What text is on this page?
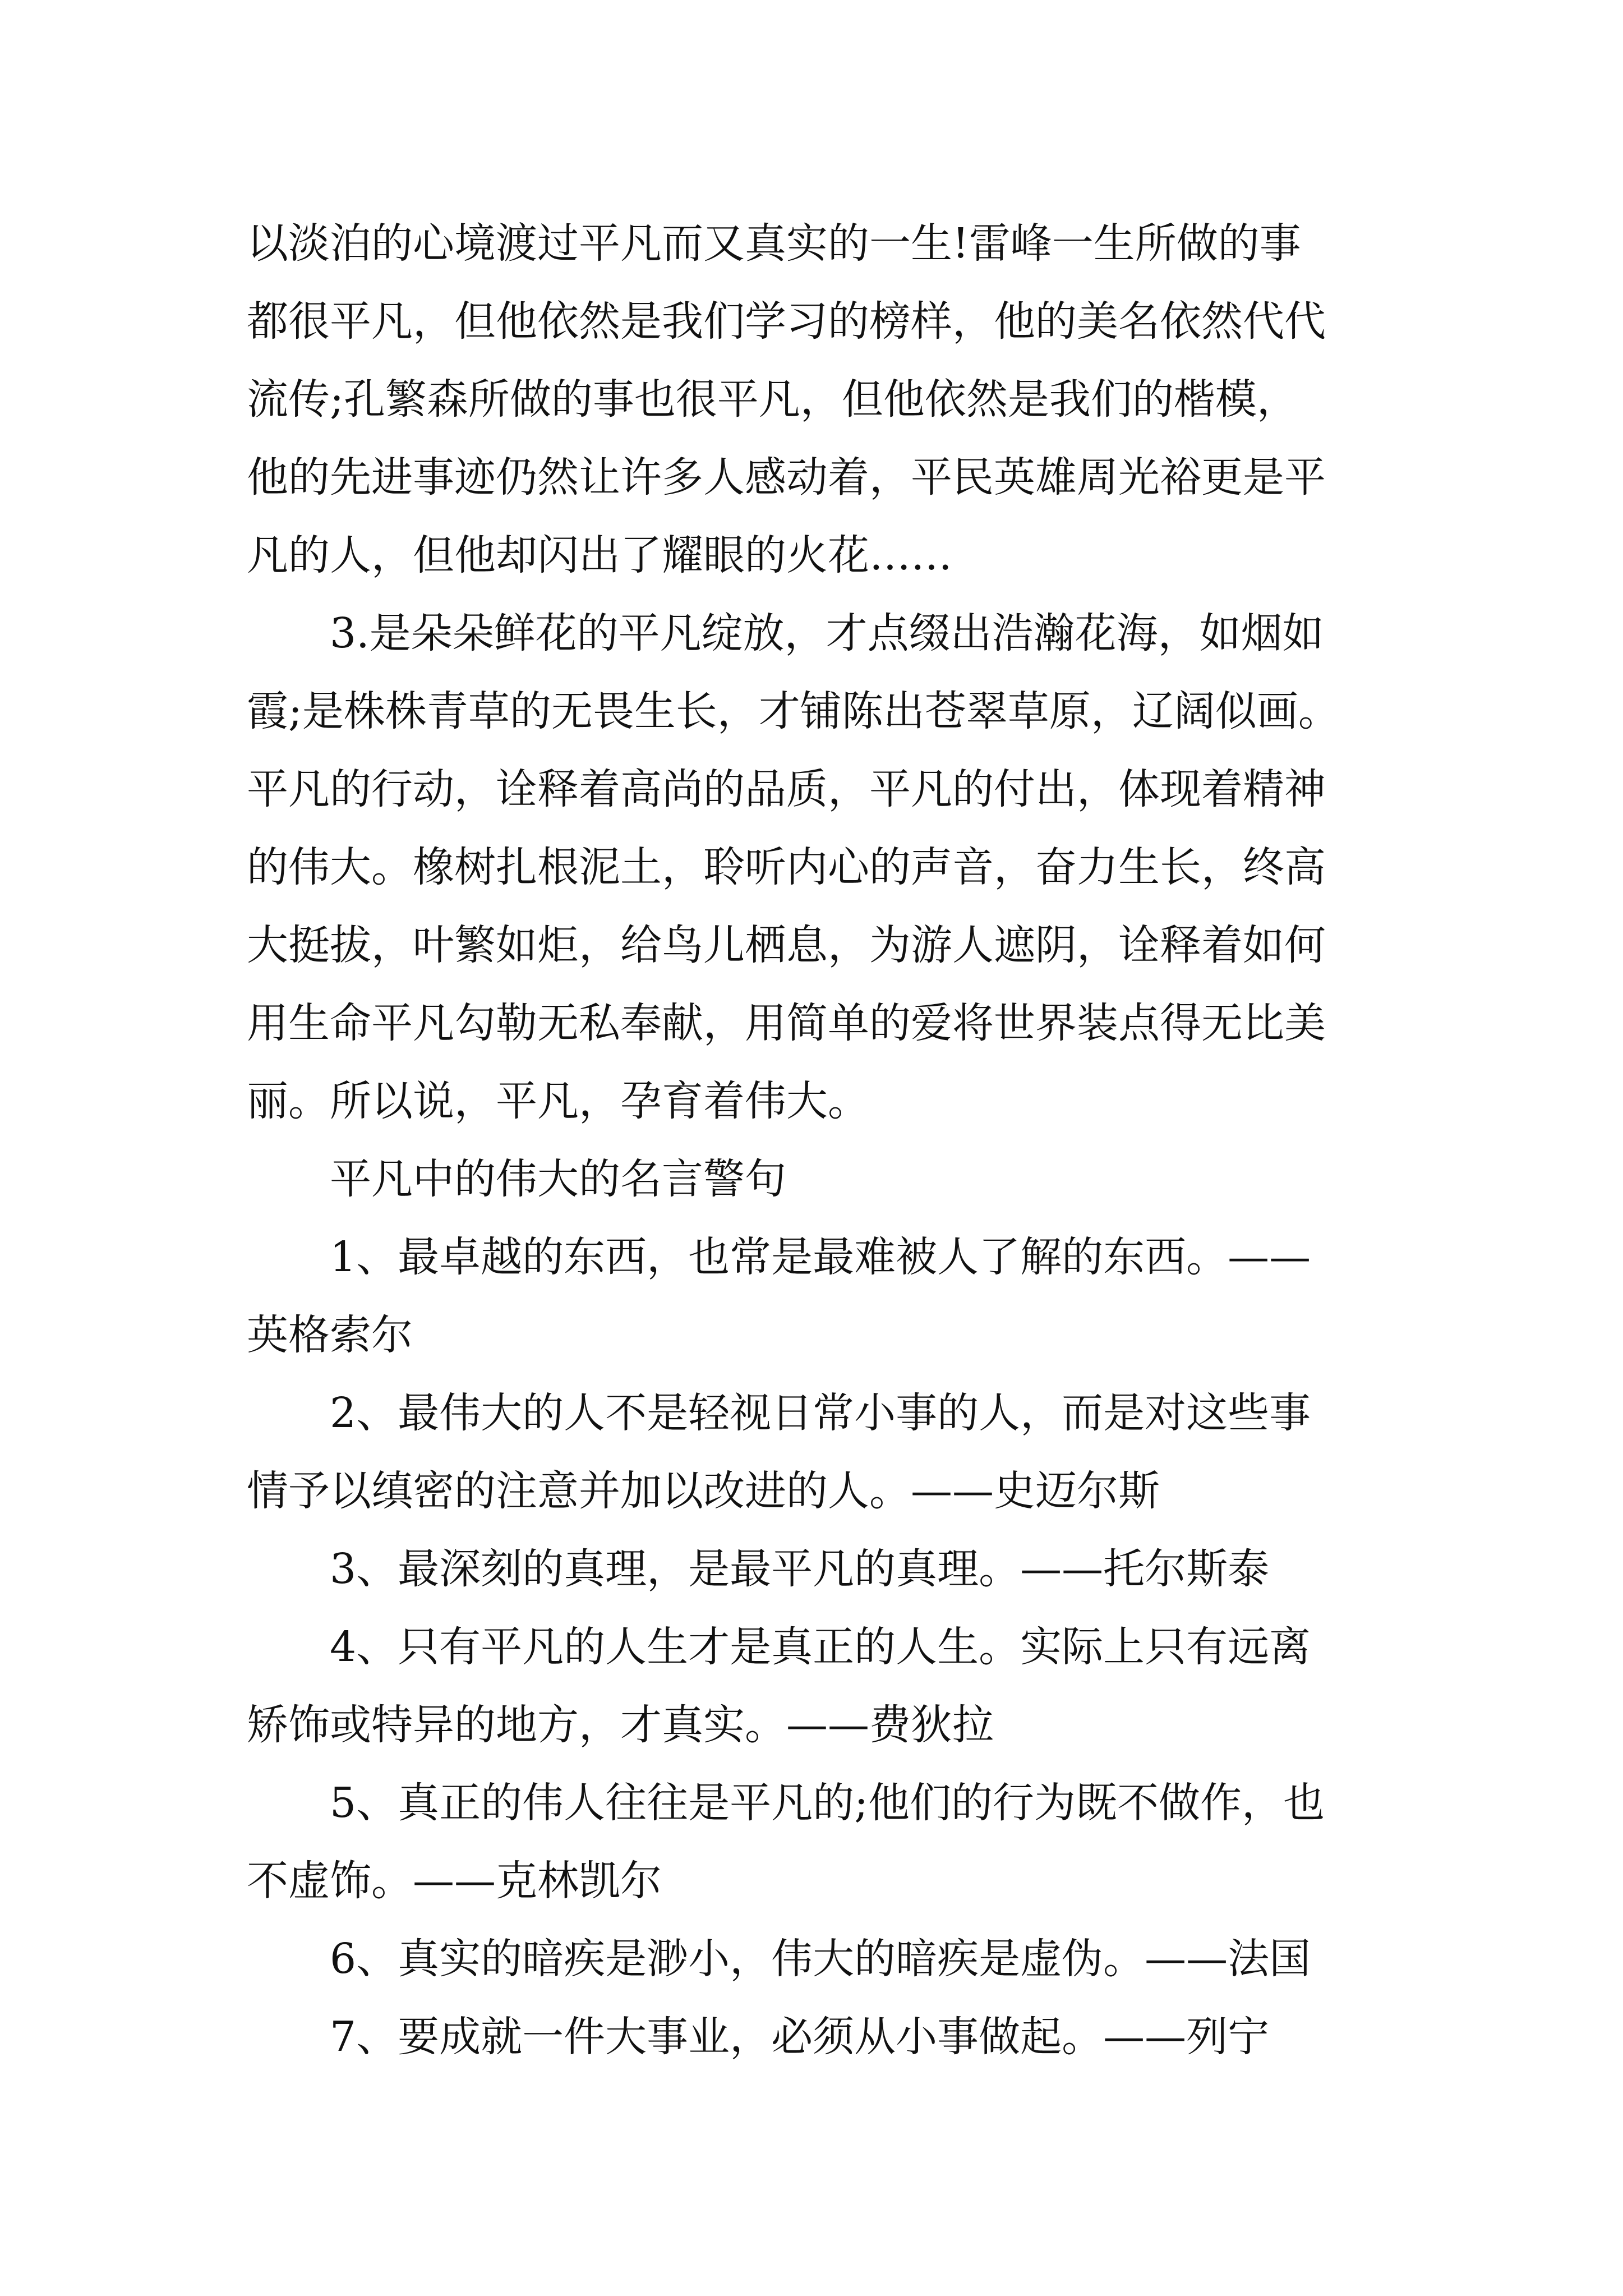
以淡泊的心境渡过平凡而又真实的一生!雷峰一生所做的事
都很平凡，但他依然是我们学习的榜样，他的美名依然代代
流传;孔繁森所做的事也很平凡，但他依然是我们的楷模，
他的先进事迹仍然让许多人感动着，平民英雄周光裕更是平
凡的人，但他却闪出了耀眼的火花……
3.是朵朵鲜花的平凡绽放，才点缀出浩瀚花海，如烟如
霞;是株株青草的无畏生长，才铺陈出苍翠草原，辽阔似画。
平凡的行动，诠释着高尚的品质，平凡的付出，体现着精神
的伟大。橡树扎根泥土，聆听内心的声音，奋力生长，终高
大挺拔，叶繁如炬，给鸟儿栖息，为游人遮阴，诠释着如何
用生命平凡勾勒无私奉献，用简单的爱将世界装点得无比美
丽。所以说，平凡，孕育着伟大。
平凡中的伟大的名言警句
1、最卓越的东西，也常是最难被人了解的东西。——
英格索尔
2、最伟大的人不是轻视日常小事的人，而是对这些事
情予以缜密的注意并加以改进的人。——史迈尔斯
3、最深刻的真理，是最平凡的真理。——托尔斯泰
4、只有平凡的人生才是真正的人生。实际上只有远离
矫饰或特异的地方，才真实。——费狄拉
5、真正的伟人往往是平凡的;他们的行为既不做作，也
不虚饰。——克林凯尔
6、真实的暗疾是渺小，伟大的暗疾是虚伪。——法国
7、要成就一件大事业，必须从小事做起。——列宁
